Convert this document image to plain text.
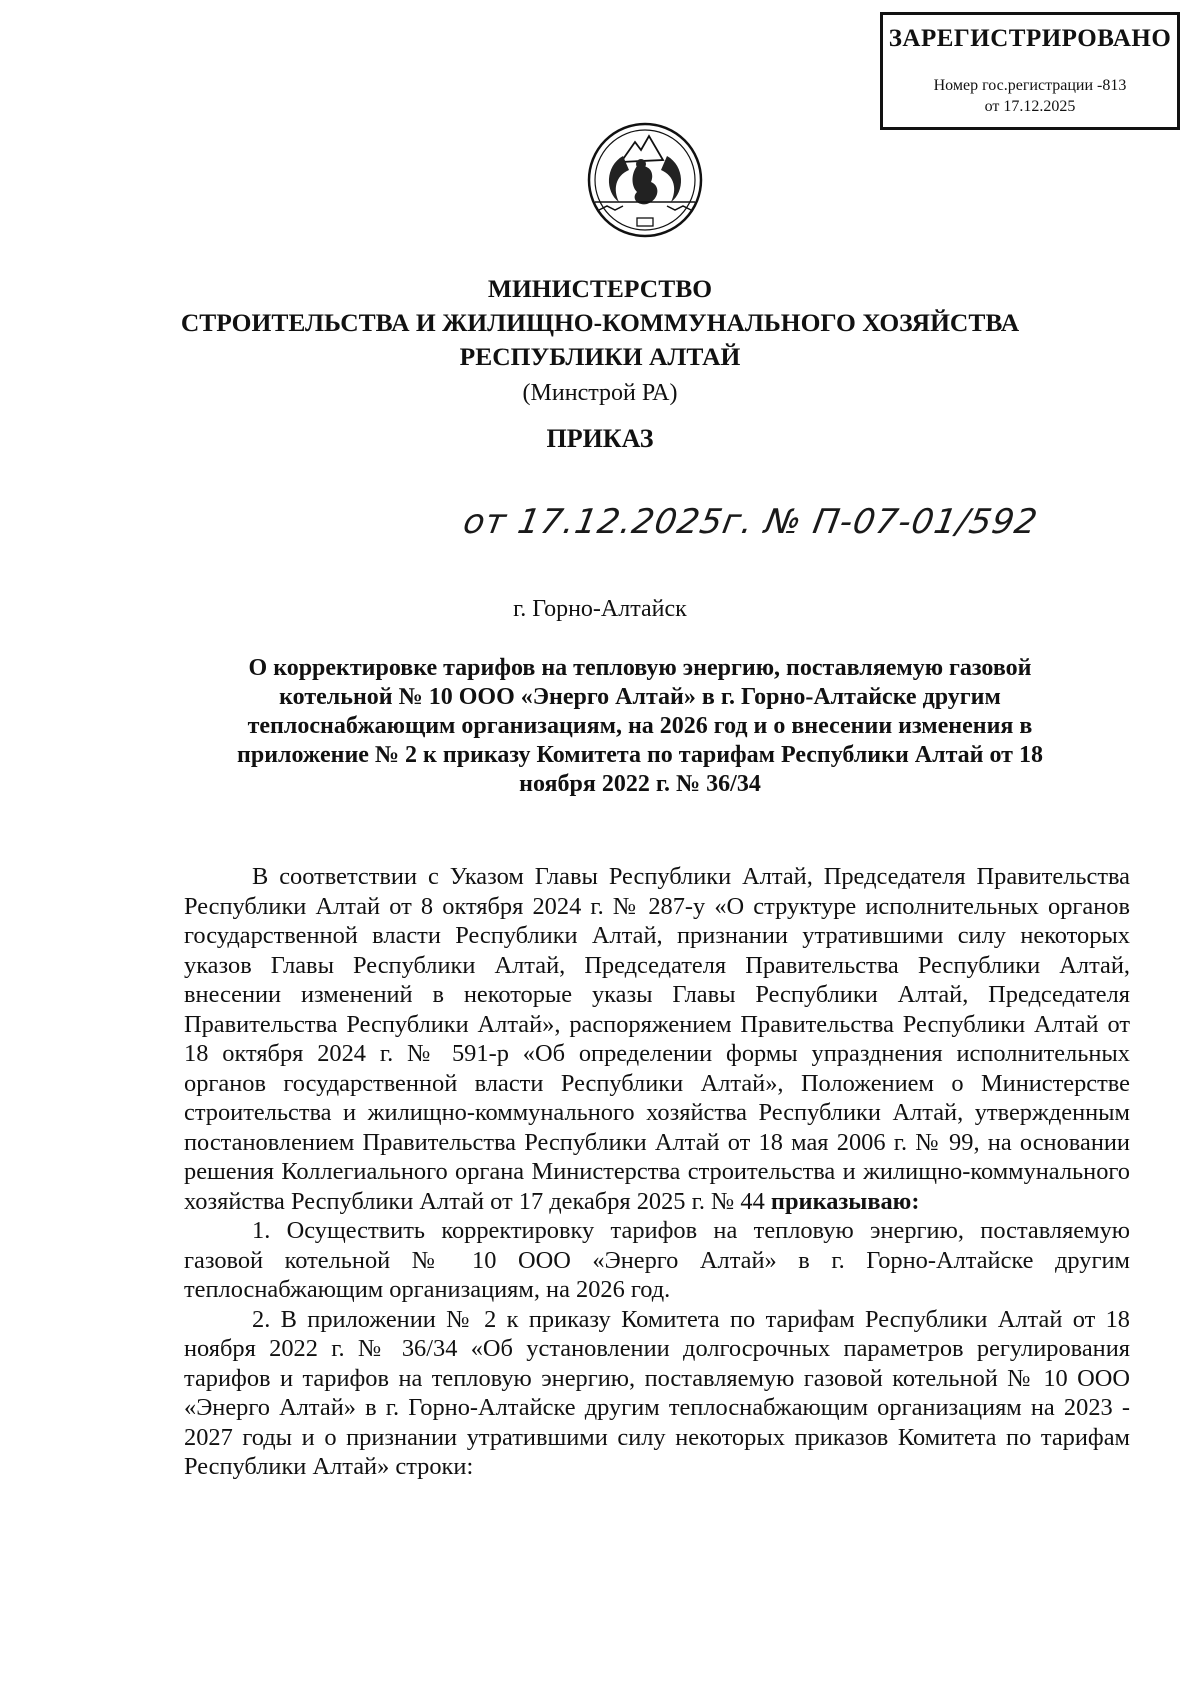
ЗАРЕГИСТРИРОВАНО
Номер гос.регистрации -813
от 17.12.2025
МИНИСТЕРСТВО
СТРОИТЕЛЬСТВА И ЖИЛИЩНО-КОММУНАЛЬНОГО ХОЗЯЙСТВА
РЕСПУБЛИКИ АЛТАЙ
(Минстрой РА)
ПРИКАЗ
от 17.12.2025г. № П-07-01/592
г. Горно-Алтайск
О корректировке тарифов на тепловую энергию, поставляемую газовой котельной № 10 ООО «Энерго Алтай» в г. Горно-Алтайске другим теплоснабжающим организациям, на 2026 год и о внесении изменения в приложение № 2 к приказу Комитета по тарифам Республики Алтай от 18 ноября 2022 г. № 36/34

В соответствии с Указом Главы Республики Алтай, Председателя Правительства Республики Алтай от 8 октября 2024 г. № 287-у «О структуре исполнительных органов государственной власти Республики Алтай, признании утратившими силу некоторых указов Главы Республики Алтай, Председателя Правительства Республики Алтай, внесении изменений в некоторые указы Главы Республики Алтай, Председателя Правительства Республики Алтай», распоряжением Правительства Республики Алтай от 18 октября 2024 г. № 591-р «Об определении формы упразднения исполнительных органов государственной власти Республики Алтай», Положением о Министерстве строительства и жилищно-коммунального хозяйства Республики Алтай, утвержденным постановлением Правительства Республики Алтай от 18 мая 2006 г. № 99, на основании решения Коллегиального органа Министерства строительства и жилищно-коммунального хозяйства Республики Алтай от 17 декабря 2025 г. № 44 приказываю:

1. Осуществить корректировку тарифов на тепловую энергию, поставляемую газовой котельной № 10 ООО «Энерго Алтай» в г. Горно-Алтайске другим теплоснабжающим организациям, на 2026 год.

2. В приложении № 2 к приказу Комитета по тарифам Республики Алтай от 18 ноября 2022 г. № 36/34 «Об установлении долгосрочных параметров регулирования тарифов и тарифов на тепловую энергию, поставляемую газовой котельной № 10 ООО «Энерго Алтай» в г. Горно-Алтайске другим теплоснабжающим организациям на 2023 - 2027 годы и о признании утратившими силу некоторых приказов Комитета по тарифам Республики Алтай» строки:
